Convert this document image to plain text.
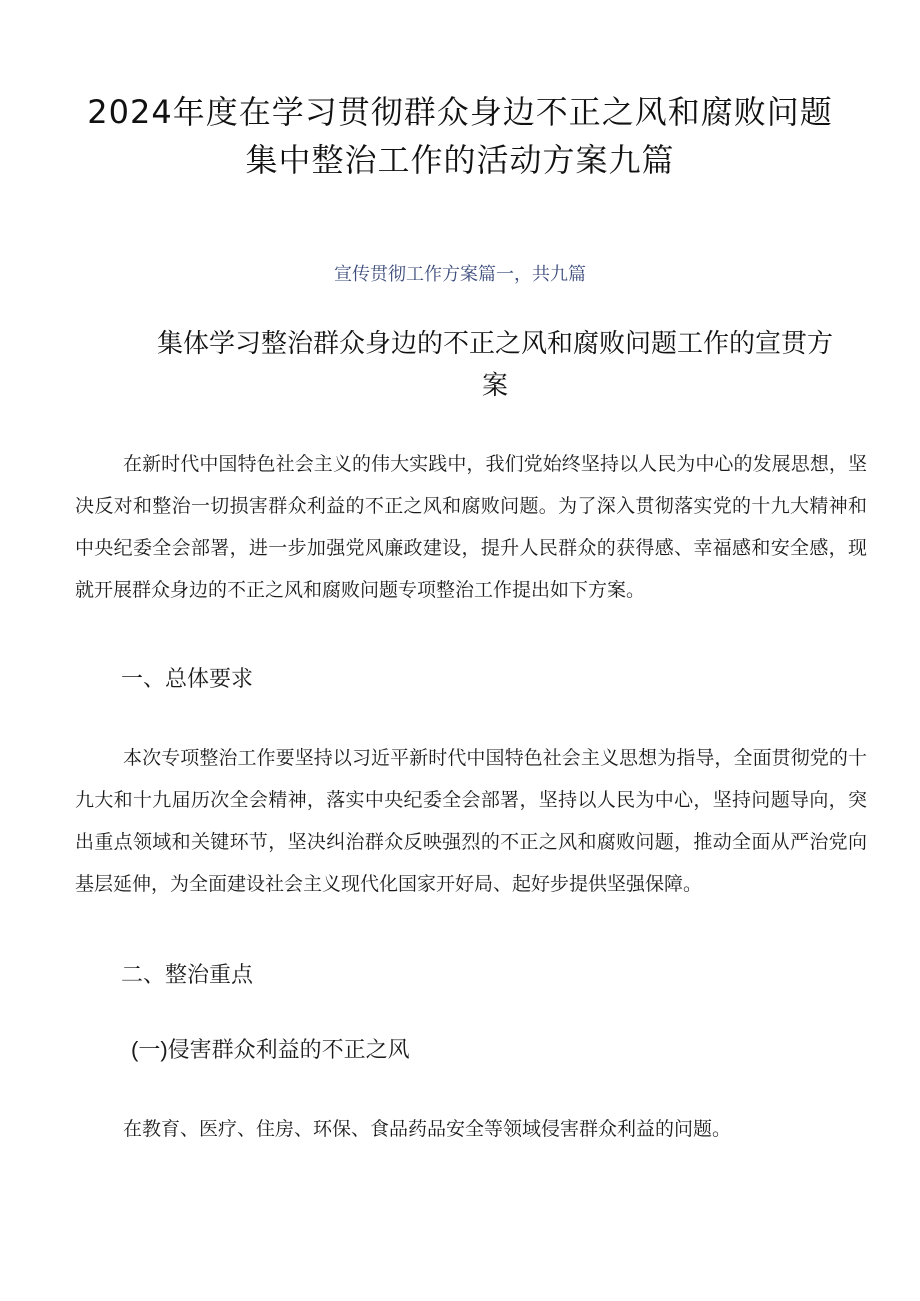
2024年度在学习贯彻群众身边不正之风和腐败问题
集中整治工作的活动方案九篇
宣传贯彻工作方案篇一，共九篇
集体学习整治群众身边的不正之风和腐败问题工作的宣贯方
案

在新时代中国特色社会主义的伟大实践中，我们党始终坚持以人民为中心的发展思想，坚决反对和整治一切损害群众利益的不正之风和腐败问题。为了深入贯彻落实党的十九大精神和中央纪委全会部署，进一步加强党风廉政建设，提升人民群众的获得感、幸福感和安全感，现就开展群众身边的不正之风和腐败问题专项整治工作提出如下方案。

一、总体要求

本次专项整治工作要坚持以习近平新时代中国特色社会主义思想为指导，全面贯彻党的十九大和十九届历次全会精神，落实中央纪委全会部署，坚持以人民为中心，坚持问题导向，突出重点领域和关键环节，坚决纠治群众反映强烈的不正之风和腐败问题，推动全面从严治党向基层延伸，为全面建设社会主义现代化国家开好局、起好步提供坚强保障。

二、整治重点
(一)侵害群众利益的不正之风

在教育、医疗、住房、环保、食品药品安全等领域侵害群众利益的问题。
